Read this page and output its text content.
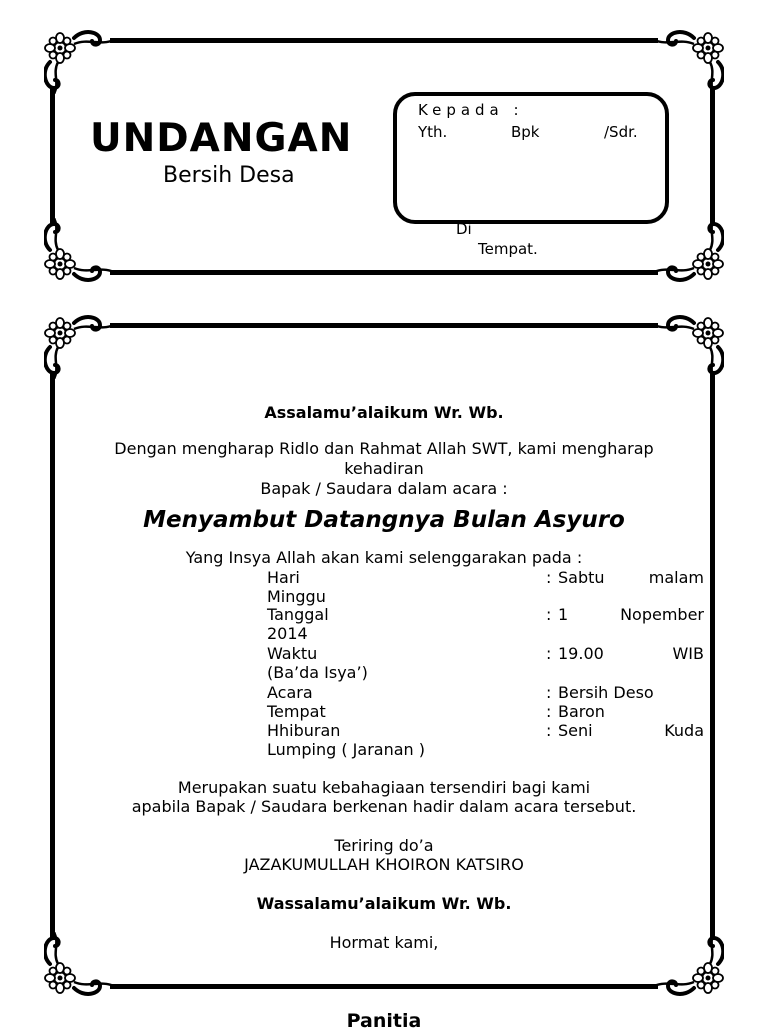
UNDANGAN
Bersih Desa
Kepada :
Yth.	Bpk	/Sdr.
Di
Tempat.
Assalamu’alaikum Wr. Wb.
Dengan mengharap Ridlo dan Rahmat Allah SWT, kami mengharap
kehadiran
Bapak / Saudara dalam acara :
Menyambut Datangnya Bulan Asyuro
Yang Insya Allah akan kami selenggarakan pada :
Hari	: Sabtu malam
Minggu
Tanggal	: 1 Nopember
2014
Waktu	: 19.00 WIB
(Ba’da Isya’)
Acara	: Bersih Deso
Tempat	: Baron
Hhiburan	: Seni Kuda
Lumping ( Jaranan )
Merupakan suatu kebahagiaan tersendiri bagi kami
apabila Bapak / Saudara berkenan hadir dalam acara tersebut.
Teriring do’a
JAZAKUMULLAH KHOIRON KATSIRO
Wassalamu’alaikum Wr. Wb.
Hormat kami,
Panitia
